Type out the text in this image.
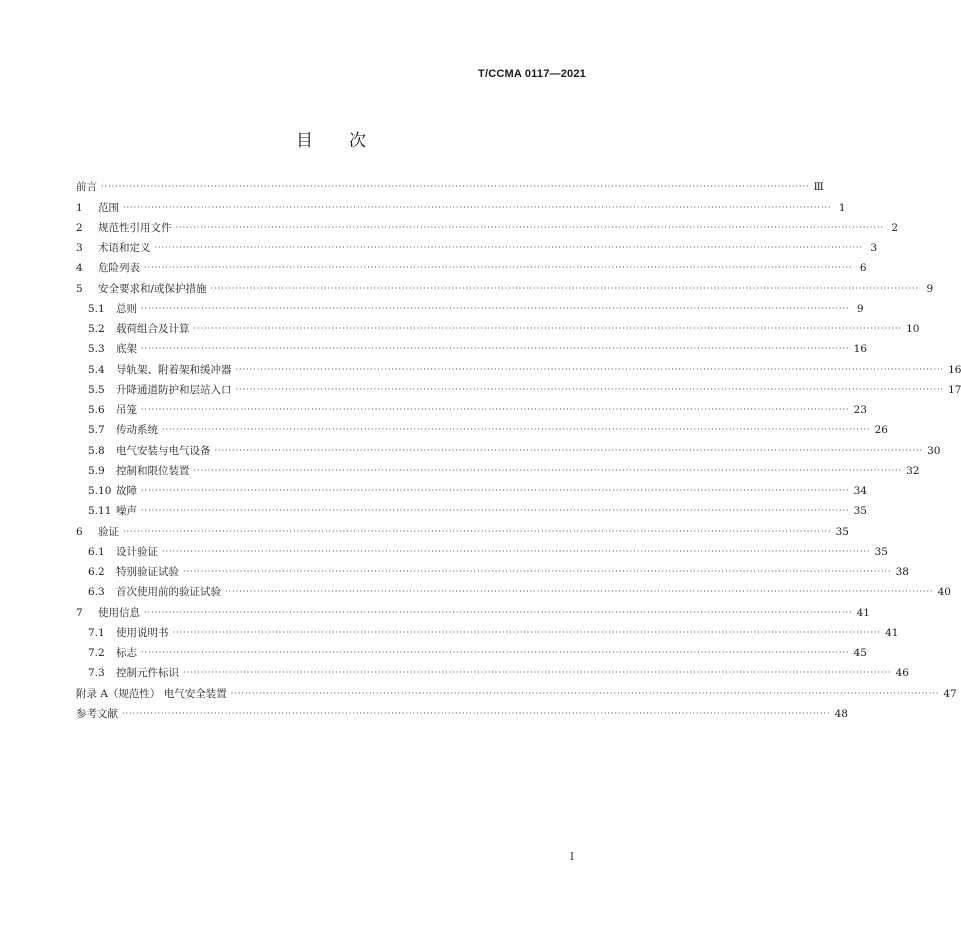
T/CCMA 0117—2021
目次
前言 ········································································································································································································ Ⅲ
1	范围 ········································································································································································································ 1
2	规范性引用文件 ········································································································································································································ 2
3	术语和定义 ········································································································································································································ 3
4	危险列表 ········································································································································································································ 6
5	安全要求和/或保护措施 ········································································································································································································ 9
5.1	总则 ········································································································································································································ 9
5.2	载荷组合及计算 ········································································································································································································ 10
5.3	底架 ········································································································································································································ 16
5.4	导轨架、附着架和缓冲器 ········································································································································································································ 16
5.5	升降通道防护和层站入口 ········································································································································································································ 17
5.6	吊笼 ········································································································································································································ 23
5.7	传动系统 ········································································································································································································ 26
5.8	电气安装与电气设备 ········································································································································································································ 30
5.9	控制和限位装置 ········································································································································································································ 32
5.10 故障 ········································································································································································································ 34
5.11 噪声 ········································································································································································································ 35
6	验证 ········································································································································································································ 35
6.1	设计验证 ········································································································································································································ 35
6.2	特别验证试验 ········································································································································································································ 38
6.3	首次使用前的验证试验 ········································································································································································································ 40
7	使用信息 ········································································································································································································ 41
7.1	使用说明书 ········································································································································································································ 41
7.2	标志 ········································································································································································································ 45
7.3	控制元件标识 ········································································································································································································ 46
附录 A（规范性） 电气安全装置 ········································································································································································································ 47
参考文献 ········································································································································································································ 48
Ⅰ
